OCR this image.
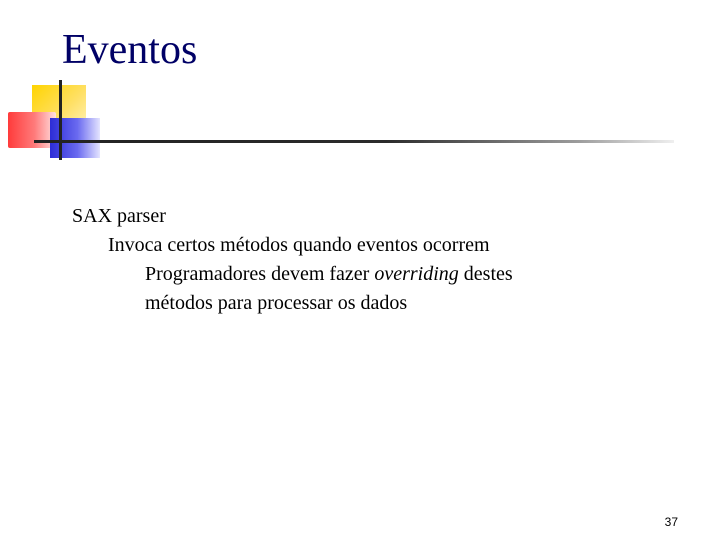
Eventos
SAX parser
Invoca certos métodos quando eventos ocorrem
Programadores devem fazer overriding destes
métodos para processar os dados
37
